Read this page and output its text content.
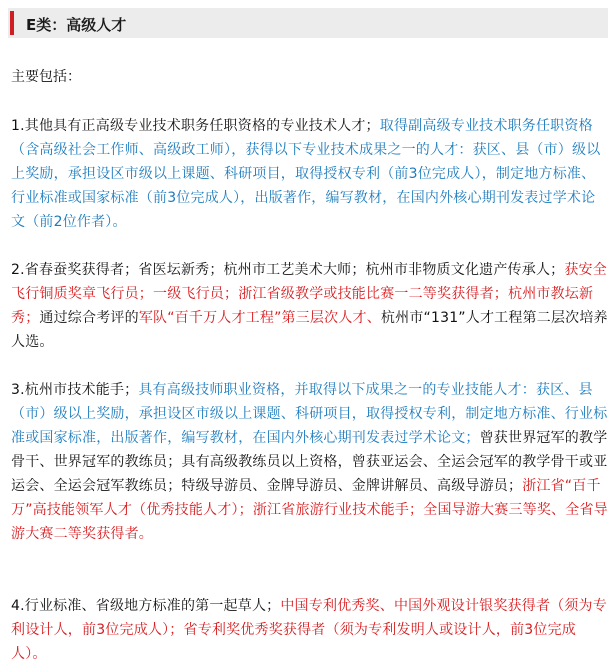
E类：高级人才
主要包括：
1.其他具有正高级专业技术职务任职资格的专业技术人才；取得副高级专业技术职务任职资格（含高级社会工作师、高级政工师），获得以下专业技术成果之一的人才：获区、县（市）级以上奖励，承担设区市级以上课题、科研项目，取得授权专利（前3位完成人），制定地方标准、行业标准或国家标准（前3位完成人），出版著作，编写教材，在国内外核心期刊发表过学术论文（前2位作者）。
2.省春蚕奖获得者；省医坛新秀；杭州市工艺美术大师；杭州市非物质文化遗产传承人；获安全飞行铜质奖章飞行员；一级飞行员；浙江省级教学或技能比赛一二等奖获得者；杭州市教坛新秀；通过综合考评的军队“百千万人才工程”第三层次人才、杭州市“131”人才工程第二层次培养人选。
3.杭州市技术能手；具有高级技师职业资格，并取得以下成果之一的专业技能人才：获区、县（市）级以上奖励，承担设区市级以上课题、科研项目，取得授权专利，制定地方标准、行业标准或国家标准，出版著作，编写教材，在国内外核心期刊发表过学术论文；曾获世界冠军的教学骨干、世界冠军的教练员；具有高级教练员以上资格，曾获亚运会、全运会冠军的教学骨干或亚运会、全运会冠军教练员；特级导游员、金牌导游员、金牌讲解员、高级导游员；浙江省“百千万”高技能领军人才（优秀技能人才）；浙江省旅游行业技术能手；全国导游大赛三等奖、全省导游大赛二等奖获得者。
4.行业标准、省级地方标准的第一起草人；中国专利优秀奖、中国外观设计银奖获得者（须为专利设计人，前3位完成人）；省专利奖优秀奖获得者（须为专利发明人或设计人，前3位完成人）。
